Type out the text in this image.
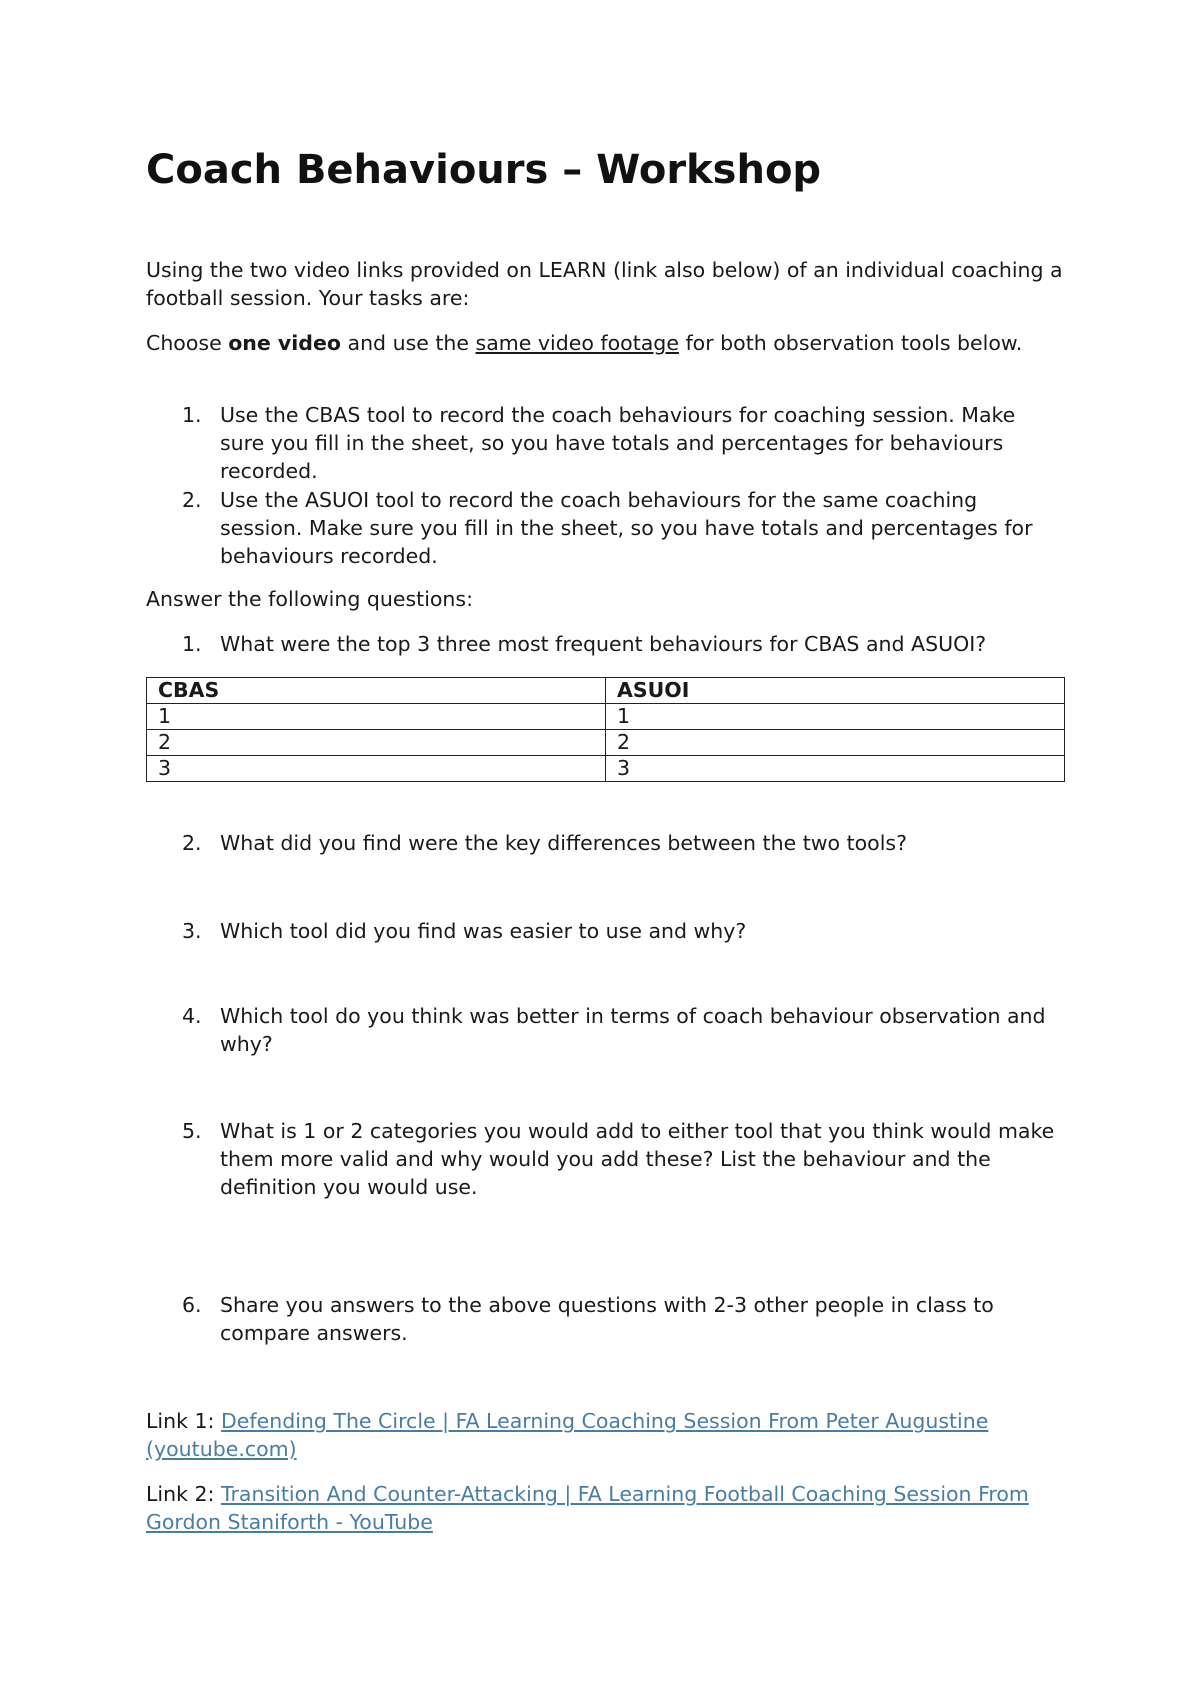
Coach Behaviours – Workshop
Using the two video links provided on LEARN (link also below) of an individual coaching a football session. Your tasks are:
Choose one video and use the same video footage for both observation tools below.
1. Use the CBAS tool to record the coach behaviours for coaching session. Make sure you fill in the sheet, so you have totals and percentages for behaviours recorded.
2. Use the ASUOI tool to record the coach behaviours for the same coaching session. Make sure you fill in the sheet, so you have totals and percentages for behaviours recorded.
Answer the following questions:
1. What were the top 3 three most frequent behaviours for CBAS and ASUOI?
CBAS	ASUOI
1	1
2	2
3	3
2. What did you find were the key differences between the two tools?
3. Which tool did you find was easier to use and why?
4. Which tool do you think was better in terms of coach behaviour observation and why?
5. What is 1 or 2 categories you would add to either tool that you think would make them more valid and why would you add these? List the behaviour and the definition you would use.
6. Share you answers to the above questions with 2-3 other people in class to compare answers.
Link 1: Defending The Circle | FA Learning Coaching Session From Peter Augustine (youtube.com)
Link 2: Transition And Counter-Attacking | FA Learning Football Coaching Session From Gordon Staniforth - YouTube
